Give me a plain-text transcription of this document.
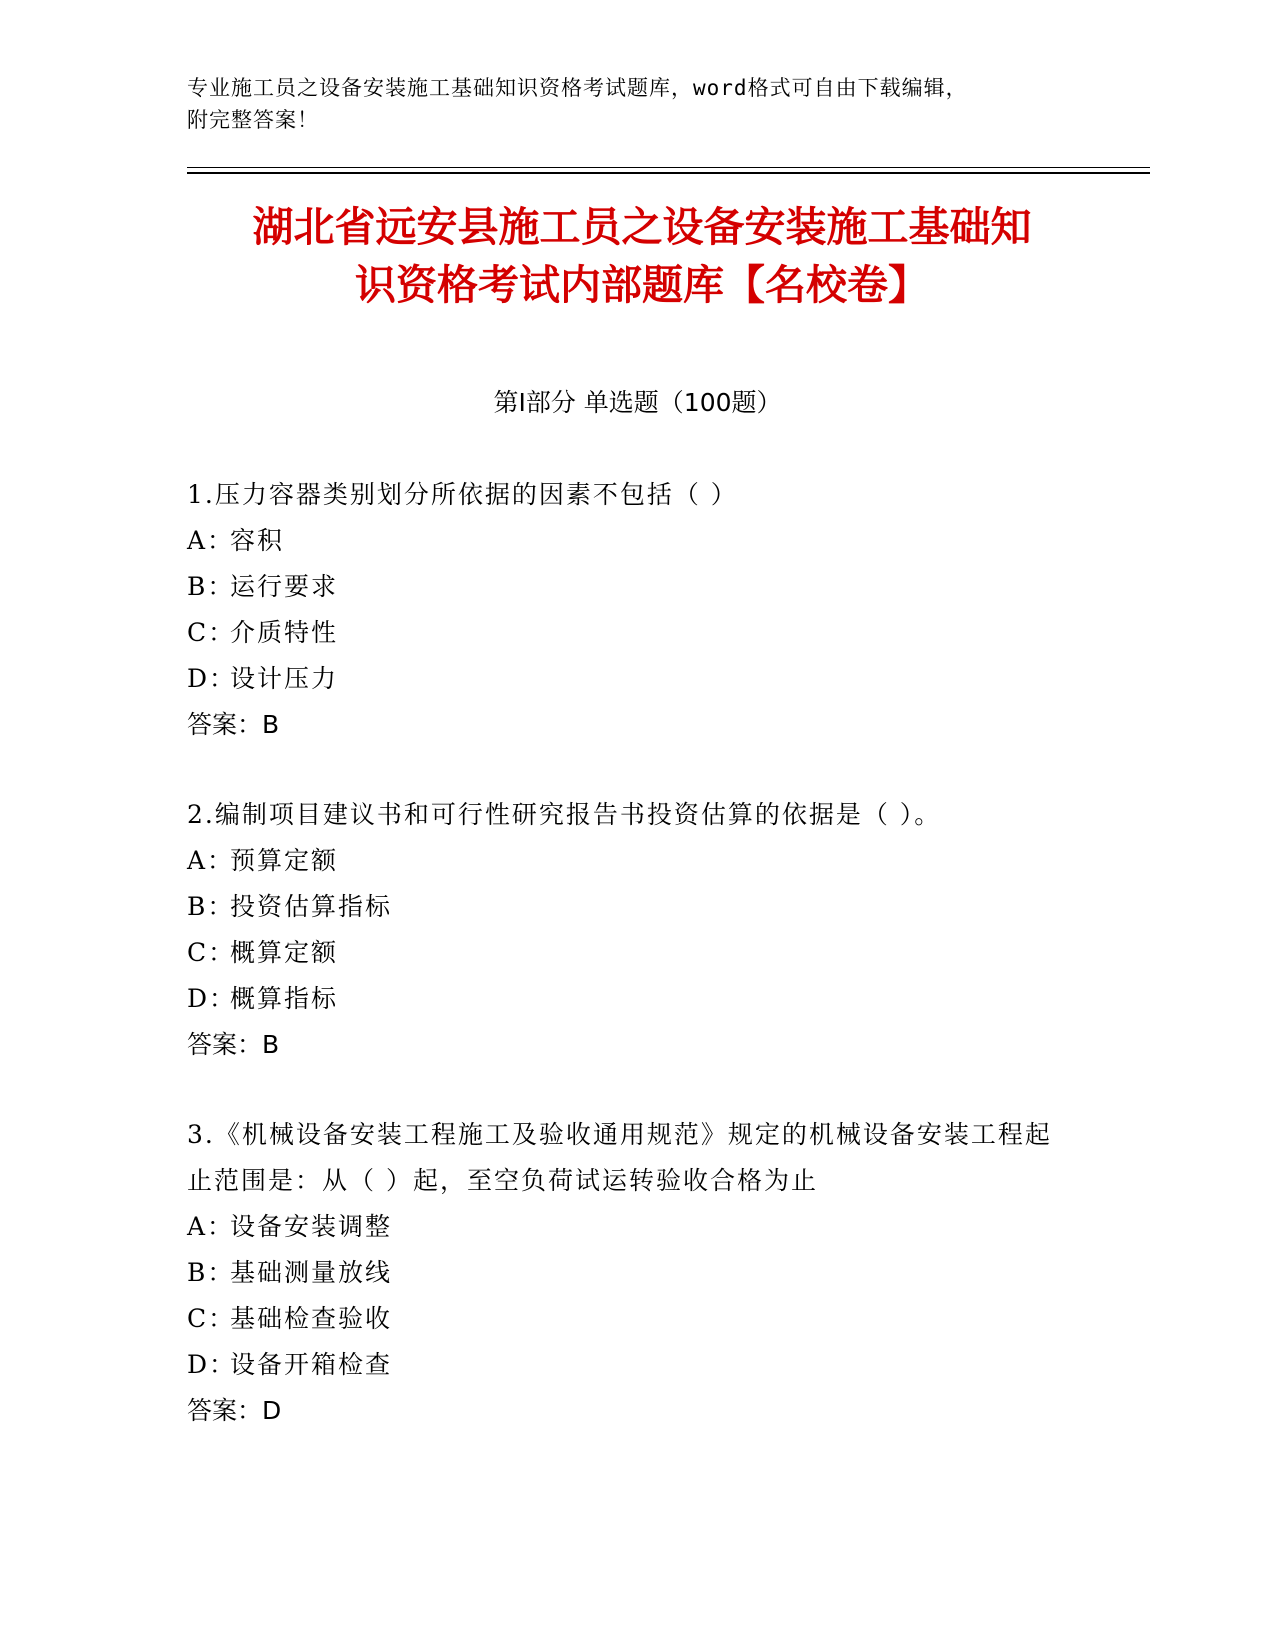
专业施工员之设备安装施工基础知识资格考试题库，word格式可自由下载编辑，
附完整答案！
湖北省远安县施工员之设备安装施工基础知
识资格考试内部题库【名校卷】
第Ⅰ部分 单选题（100题）
1.压力容器类别划分所依据的因素不包括（ ）
A：
容积
B：
运行要求
C：
介质特性
D：
设计压力
答案：B
2.编制项目建议书和可行性研究报告书投资估算的依据是（ ）。
A：
预算定额
B：
投资估算指标
C：
概算定额
D：
概算指标
答案：B
3.《机械设备安装工程施工及验收通用规范》规定的机械设备安装工程起止范围是：从（ ）起，至空负荷试运转验收合格为止
A：
设备安装调整
B：
基础测量放线
C：
基础检查验收
D：
设备开箱检查
答案：D
